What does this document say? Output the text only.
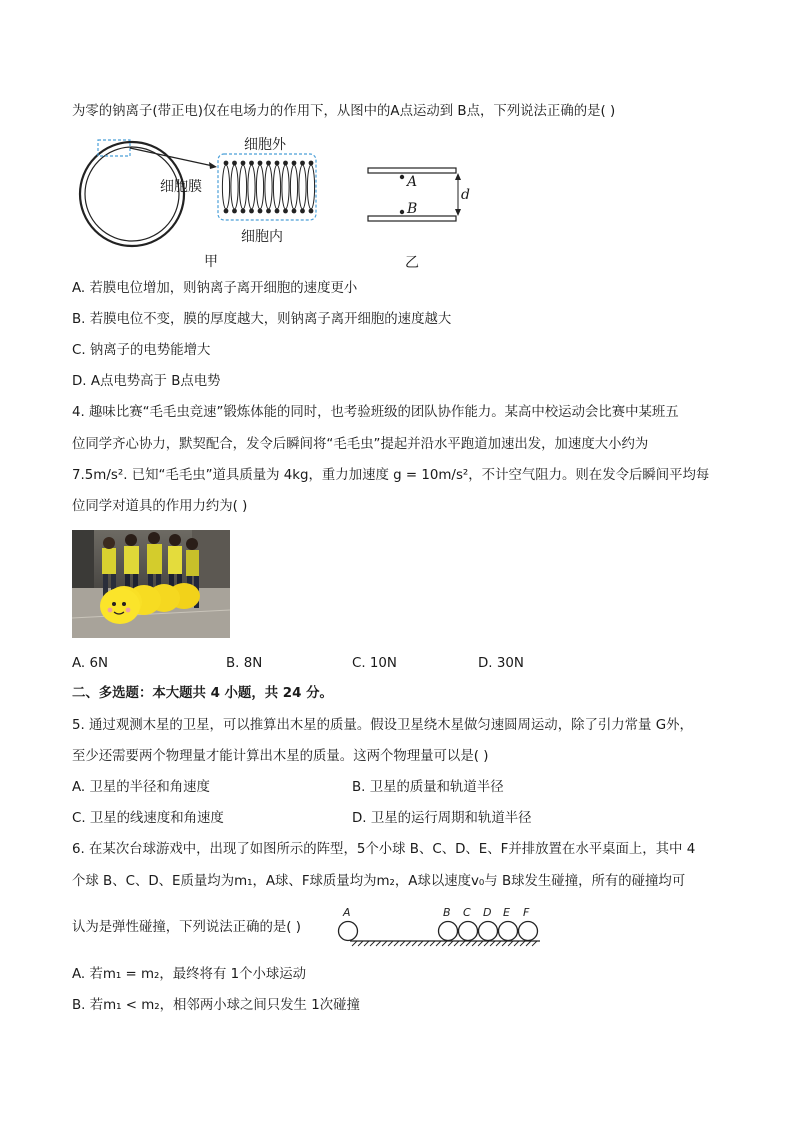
为零的钠离子(带正电)仅在电场力的作用下，从图中的A点运动到 B点，下列说法正确的是( )
细胞外
细胞膜
细胞内
甲
A
B
d
乙
A. 若膜电位增加，则钠离子离开细胞的速度更小
B. 若膜电位不变，膜的厚度越大，则钠离子离开细胞的速度越大
C. 钠离子的电势能增大
D. A点电势高于 B点电势
4. 趣味比赛“毛毛虫竞速”锻炼体能的同时，也考验班级的团队协作能力。某高中校运动会比赛中某班五
位同学齐心协力，默契配合，发令后瞬间将“毛毛虫”提起并沿水平跑道加速出发，加速度大小约为
7.5m/s². 已知“毛毛虫”道具质量为 4kg，重力加速度 g = 10m/s²，不计空气阻力。则在发令后瞬间平均每
位同学对道具的作用力约为( )
A. 6N	B. 8N	C. 10N	D. 30N
二、多选题：本大题共 4 小题，共 24 分。
5. 通过观测木星的卫星，可以推算出木星的质量。假设卫星绕木星做匀速圆周运动，除了引力常量 G外，
至少还需要两个物理量才能计算出木星的质量。这两个物理量可以是( )
A. 卫星的半径和角速度	B. 卫星的质量和轨道半径
C. 卫星的线速度和角速度	D. 卫星的运行周期和轨道半径
6. 在某次台球游戏中，出现了如图所示的阵型，5个小球 B、C、D、E、F并排放置在水平桌面上，其中 4
个球 B、C、D、E质量均为m₁，A球、F球质量均为m₂，A球以速度v₀与 B球发生碰撞，所有的碰撞均可
认为是弹性碰撞，下列说法正确的是( )
A	B C D E F
A. 若m₁ = m₂，最终将有 1个小球运动
B. 若m₁ < m₂，相邻两小球之间只发生 1次碰撞
